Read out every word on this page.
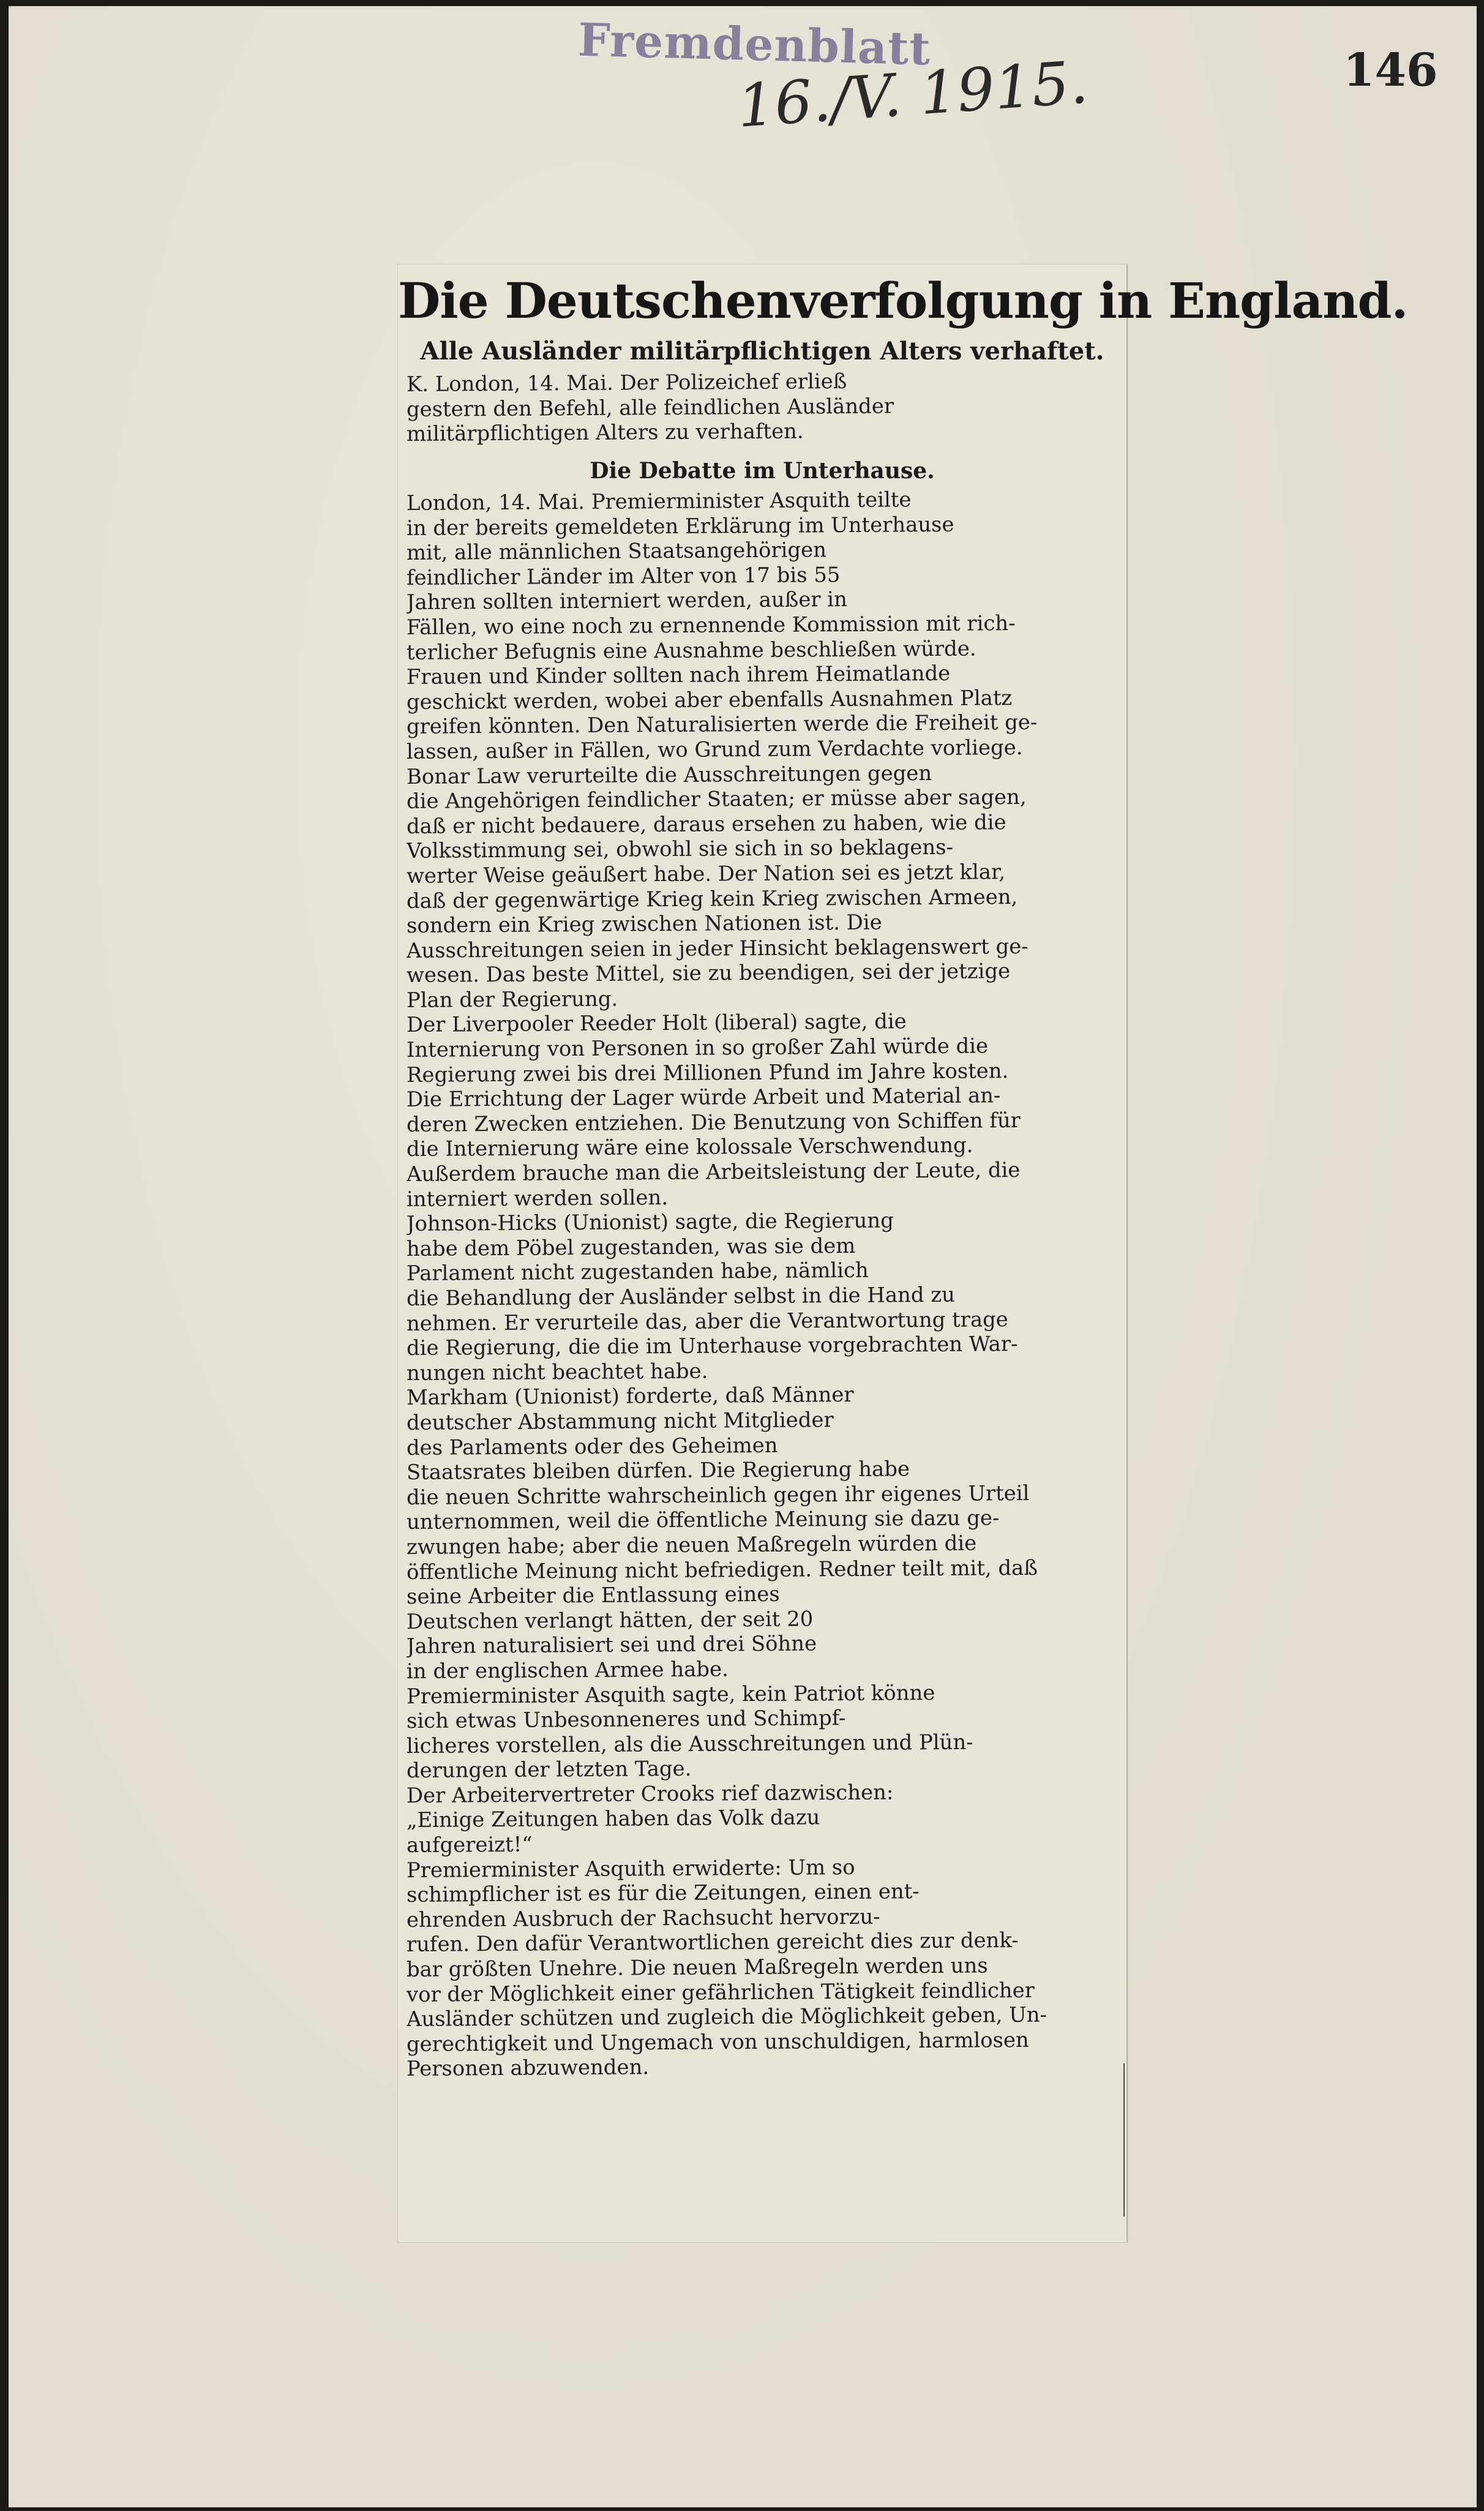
Fremdenblatt
16./V. 1915.	146
Die Deutschenverfolgung in England.
Alle Ausländer militärpflichtigen Alters verhaftet.
K. London, 14. Mai. Der Polizeichef erließ
gestern den Befehl, alle feindlichen Ausländer
militärpflichtigen Alters zu verhaften.
Die Debatte im Unterhause.
London, 14. Mai. Premierminister Asquith teilte
in der bereits gemeldeten Erklärung im Unterhause
mit, alle männlichen Staatsangehörigen
feindlicher Länder im Alter von 17 bis 55
Jahren sollten interniert werden, außer in
Fällen, wo eine noch zu ernennende Kommission mit rich-
terlicher Befugnis eine Ausnahme beschließen würde.
Frauen und Kinder sollten nach ihrem Heimatlande
geschickt werden, wobei aber ebenfalls Ausnahmen Platz
greifen könnten. Den Naturalisierten werde die Freiheit ge-
lassen, außer in Fällen, wo Grund zum Verdachte vorliege.
Bonar Law verurteilte die Ausschreitungen gegen
die Angehörigen feindlicher Staaten; er müsse aber sagen,
daß er nicht bedauere, daraus ersehen zu haben, wie die
Volksstimmung sei, obwohl sie sich in so beklagens-
werter Weise geäußert habe. Der Nation sei es jetzt klar,
daß der gegenwärtige Krieg kein Krieg zwischen Armeen,
sondern ein Krieg zwischen Nationen ist. Die
Ausschreitungen seien in jeder Hinsicht beklagenswert ge-
wesen. Das beste Mittel, sie zu beendigen, sei der jetzige
Plan der Regierung.
Der Liverpooler Reeder Holt (liberal) sagte, die
Internierung von Personen in so großer Zahl würde die
Regierung zwei bis drei Millionen Pfund im Jahre kosten.
Die Errichtung der Lager würde Arbeit und Material an-
deren Zwecken entziehen. Die Benutzung von Schiffen für
die Internierung wäre eine kolossale Verschwendung.
Außerdem brauche man die Arbeitsleistung der Leute, die
interniert werden sollen.
Johnson-Hicks (Unionist) sagte, die Regierung
habe dem Pöbel zugestanden, was sie dem
Parlament nicht zugestanden habe, nämlich
die Behandlung der Ausländer selbst in die Hand zu
nehmen. Er verurteile das, aber die Verantwortung trage
die Regierung, die die im Unterhause vorgebrachten War-
nungen nicht beachtet habe.
Markham (Unionist) forderte, daß Männer
deutscher Abstammung nicht Mitglieder
des Parlaments oder des Geheimen
Staatsrates bleiben dürfen. Die Regierung habe
die neuen Schritte wahrscheinlich gegen ihr eigenes Urteil
unternommen, weil die öffentliche Meinung sie dazu ge-
zwungen habe; aber die neuen Maßregeln würden die
öffentliche Meinung nicht befriedigen. Redner teilt mit, daß
seine Arbeiter die Entlassung eines
Deutschen verlangt hätten, der seit 20
Jahren naturalisiert sei und drei Söhne
in der englischen Armee habe.
Premierminister Asquith sagte, kein Patriot könne
sich etwas Unbesonneneres und Schimpf-
licheres vorstellen, als die Ausschreitungen und Plün-
derungen der letzten Tage.
Der Arbeitervertreter Crooks rief dazwischen:
„Einige Zeitungen haben das Volk dazu
aufgereizt!“
Premierminister Asquith erwiderte: Um so
schimpflicher ist es für die Zeitungen, einen ent-
ehrenden Ausbruch der Rachsucht hervorzu-
rufen. Den dafür Verantwortlichen gereicht dies zur denk-
bar größten Unehre. Die neuen Maßregeln werden uns
vor der Möglichkeit einer gefährlichen Tätigkeit feindlicher
Ausländer schützen und zugleich die Möglichkeit geben, Un-
gerechtigkeit und Ungemach von unschuldigen, harmlosen
Personen abzuwenden.
